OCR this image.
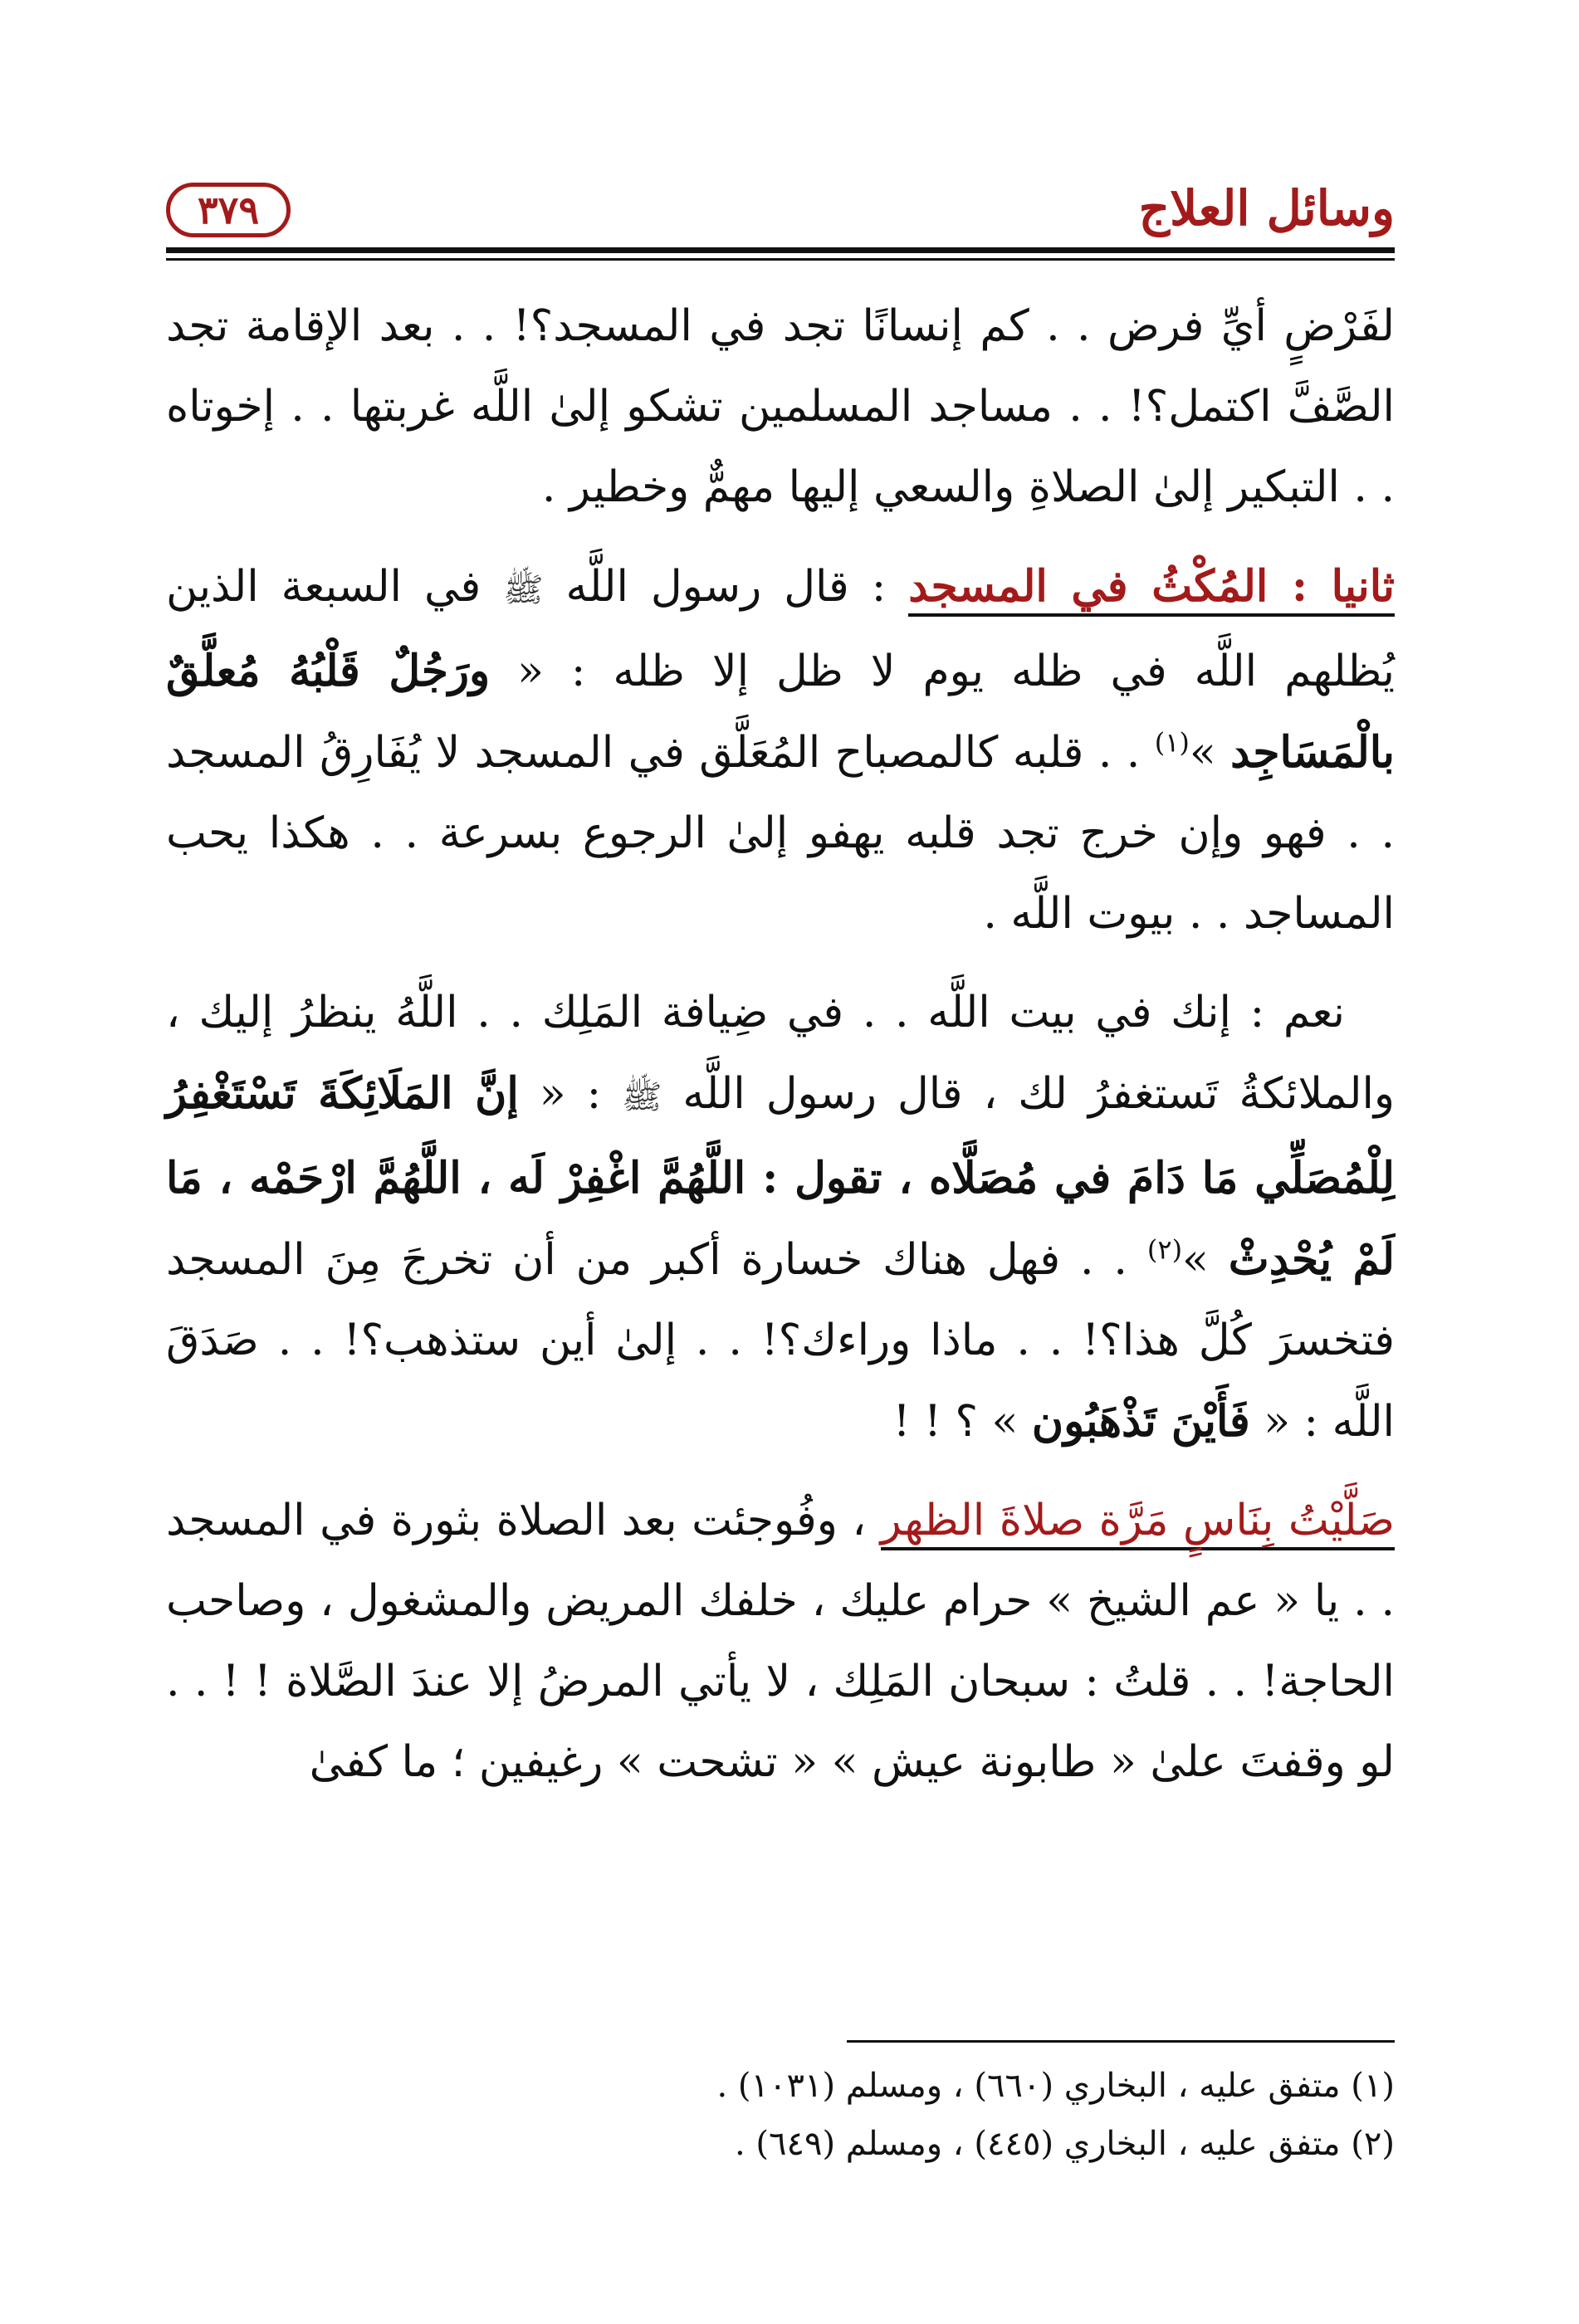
وسائل العلاج
٣٧٩

لفَرْضٍ أيِّ فرض . . كم إنسانًا تجد في المسجد؟! . . بعد الإقامة تجد الصَّفَّ اكتمل؟! . . مساجد المسلمين تشكو إلىٰ اللَّه غربتها . . إخوتاه . . التبكير إلىٰ الصلاةِ والسعي إليها مهمٌّ وخطير .

ثانيا : المُكْثُ في المسجد : قال رسول اللَّه ﷺ في السبعة الذين يُظلهم اللَّه في ظله يوم لا ظل إلا ظله : « ورَجُلٌ قَلْبُهُ مُعلَّقٌ بالْمَسَاجِد »$^{(١)}$ . . قلبه كالمصباح المُعَلَّق في المسجد لا يُفَارِقُ المسجد . . فهو وإن خرج تجد قلبه يهفو إلىٰ الرجوع بسرعة . . هكذا يحب المساجد . . بيوت اللَّه .

نعم : إنك في بيت اللَّه . . في ضِيافة المَلِك . . اللَّهُ ينظرُ إليك ، والملائكةُ تَستغفرُ لك ، قال رسول اللَّه ﷺ : « إنَّ المَلَائِكَةَ تَسْتَغْفِرُ لِلْمُصَلِّي مَا دَامَ في مُصَلَّاه ، تقول : اللَّهُمَّ اغْفِرْ لَه ، اللَّهُمَّ ارْحَمْه ، مَا لَمْ يُحْدِثْ »$^{(٢)}$ . . فهل هناك خسارة أكبر من أن تخرجَ مِنَ المسجد فتخسرَ كُلَّ هذا؟! . . ماذا وراءك؟! . . إلىٰ أين ستذهب؟! . . صَدَقَ اللَّه : « فَأَيْنَ تَذْهَبُون » ؟ ! !

صَلَّيْتُ بِنَاسٍ مَرَّة صلاةَ الظهر ، وفُوجئت بعد الصلاة بثورة في المسجد . . يا « عم الشيخ » حرام عليك ، خلفك المريض والمشغول ، وصاحب الحاجة! . . قلتُ : سبحان المَلِك ، لا يأتي المرضُ إلا عندَ الصَّلاة ! ! . . لو وقفتَ علىٰ « طابونة عيش » « تشحت » رغيفين ؛ ما كفىٰ

(١) متفق عليه ، البخاري (٦٦٠) ، ومسلم (١٠٣١) .
(٢) متفق عليه ، البخاري (٤٤٥) ، ومسلم (٦٤٩) .
